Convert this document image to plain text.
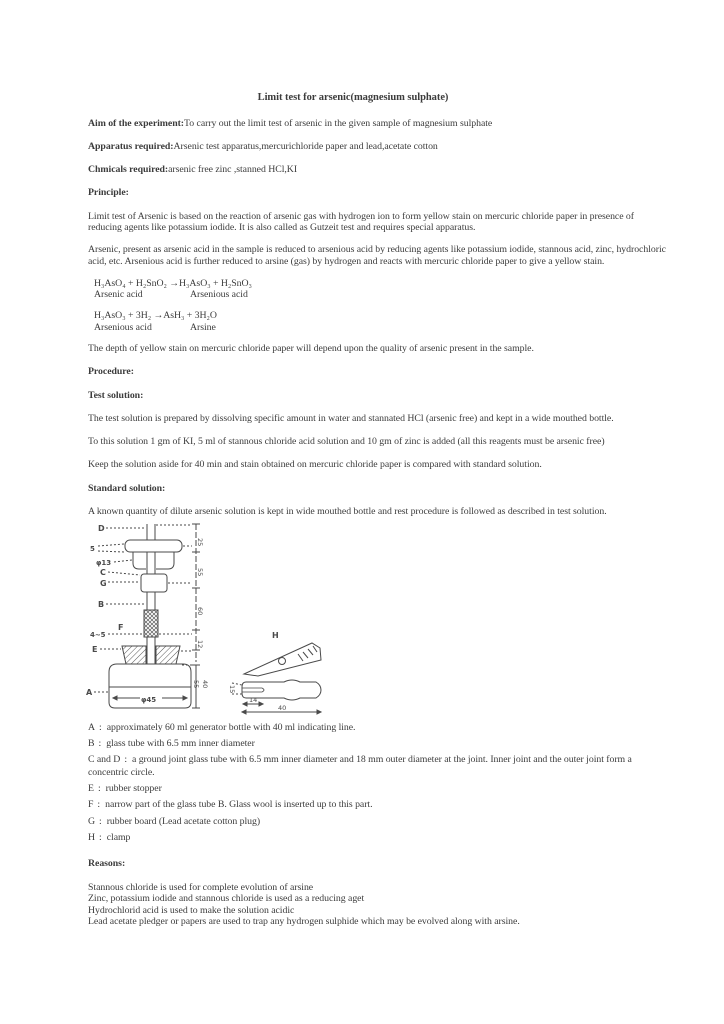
Limit test for arsenic(magnesium sulphate)

Aim of the experiment:To carry out the limit test of arsenic in the given sample of magnesium sulphate

Apparatus required:Arsenic test apparatus,mercurichloride paper and lead,acetate cotton

Chmicals required:arsenic free zinc ,stanned HCl,KI

Principle:

Limit test of Arsenic is based on the reaction of arsenic gas with hydrogen ion to form yellow stain on mercuric chloride paper in presence of reducing agents like potassium iodide. It is also called as Gutzeit test and requires special apparatus.

Arsenic, present as arsenic acid in the sample is reduced to arsenious acid by reducing agents like potassium iodide, stannous acid, zinc, hydrochloric acid, etc. Arsenious acid is further reduced to arsine (gas) by hydrogen and reacts with mercuric chloride paper to give a yellow stain.

H₃AsO₄ + H₂SnO₂ →H₃AsO₃ + H₂SnO₃
Arsenic acid	Arsenious acid
H₃AsO₃ + 3H₂ →AsH₃ + 3H₂O
Arsenious acid	Arsine

The depth of yellow stain on mercuric chloride paper will depend upon the quality of arsenic present in the sample.

Procedure:

Test solution:

The test solution is prepared by dissolving specific amount in water and stannated HCl (arsenic free) and kept in a wide mouthed bottle.

To this solution 1 gm of KI, 5 ml of stannous chloride acid solution and 10 gm of zinc is added (all this reagents must be arsenic free)

Keep the solution aside for 40 min and stain obtained on mercuric chloride paper is compared with standard solution.

Standard solution:

A known quantity of dilute arsenic solution is kept in wide mouthed bottle and rest procedure is followed as described in test solution.

D
5
φ13
C
G
B
F
4~5
E
A
φ45
H
25
55
60
12
55 40
15
14
40

A : approximately 60 ml generator bottle with 40 ml indicating line.

B : glass tube with 6.5 mm inner diameter

C and D : a ground joint glass tube with 6.5 mm inner diameter and 18 mm outer diameter at the joint. Inner joint and the outer joint form a concentric circle.

E : rubber stopper

F : narrow part of the glass tube B. Glass wool is inserted up to this part.

G : rubber board (Lead acetate cotton plug)

H : clamp

Reasons:

Stannous chloride is used for complete evolution of arsine

Zinc, potassium iodide and stannous chloride is used as a reducing aget

Hydrochlorid acid is used to make the solution acidic

Lead acetate pledger or papers are used to trap any hydrogen sulphide which may be evolved along with arsine.
